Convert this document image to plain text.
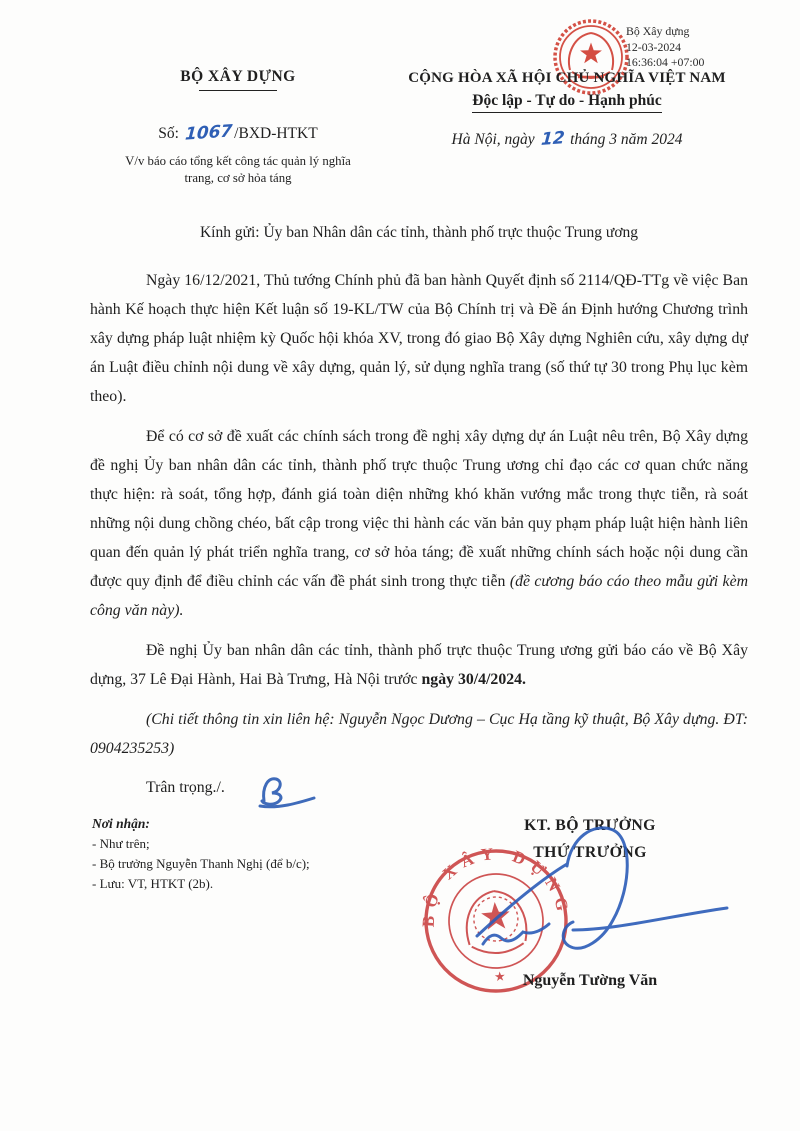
Bộ Xây dựng
12-03-2024
16:36:04 +07:00
BỘ XÂY DỰNG
Số: 1067/BXD-HTKT
V/v báo cáo tổng kết công tác quản lý nghĩa
trang, cơ sở hỏa táng
CỘNG HÒA XÃ HỘI CHỦ NGHĨA VIỆT NAM
Độc lập - Tự do - Hạnh phúc
Hà Nội, ngày 12 tháng 3 năm 2024

Kính gửi: Ủy ban Nhân dân các tỉnh, thành phố trực thuộc Trung ương

Ngày 16/12/2021, Thủ tướng Chính phủ đã ban hành Quyết định số 2114/QĐ-TTg về việc Ban hành Kế hoạch thực hiện Kết luận số 19-KL/TW của Bộ Chính trị và Đề án Định hướng Chương trình xây dựng pháp luật nhiệm kỳ Quốc hội khóa XV, trong đó giao Bộ Xây dựng Nghiên cứu, xây dựng dự án Luật điều chỉnh nội dung về xây dựng, quản lý, sử dụng nghĩa trang (số thứ tự 30 trong Phụ lục kèm theo).

Để có cơ sở đề xuất các chính sách trong đề nghị xây dựng dự án Luật nêu trên, Bộ Xây dựng đề nghị Ủy ban nhân dân các tỉnh, thành phố trực thuộc Trung ương chỉ đạo các cơ quan chức năng thực hiện: rà soát, tổng hợp, đánh giá toàn diện những khó khăn vướng mắc trong thực tiễn, rà soát những nội dung chồng chéo, bất cập trong việc thi hành các văn bản quy phạm pháp luật hiện hành liên quan đến quản lý phát triển nghĩa trang, cơ sở hỏa táng; đề xuất những chính sách hoặc nội dung cần được quy định để điều chỉnh các vấn đề phát sinh trong thực tiễn (đề cương báo cáo theo mẫu gửi kèm công văn này).

Đề nghị Ủy ban nhân dân các tỉnh, thành phố trực thuộc Trung ương gửi báo cáo về Bộ Xây dựng, 37 Lê Đại Hành, Hai Bà Trưng, Hà Nội trước ngày 30/4/2024.

(Chi tiết thông tin xin liên hệ: Nguyễn Ngọc Dương – Cục Hạ tầng kỹ thuật, Bộ Xây dựng. ĐT: 0904235253)

Trân trọng./.
Nơi nhận:
- Như trên;
- Bộ trưởng Nguyễn Thanh Nghị (để b/c);
- Lưu: VT, HTKT (2b).
KT. BỘ TRƯỞNG
THỨ TRƯỞNG
BỘ XÂY DỰNG
★	Nguyễn Tường Văn
